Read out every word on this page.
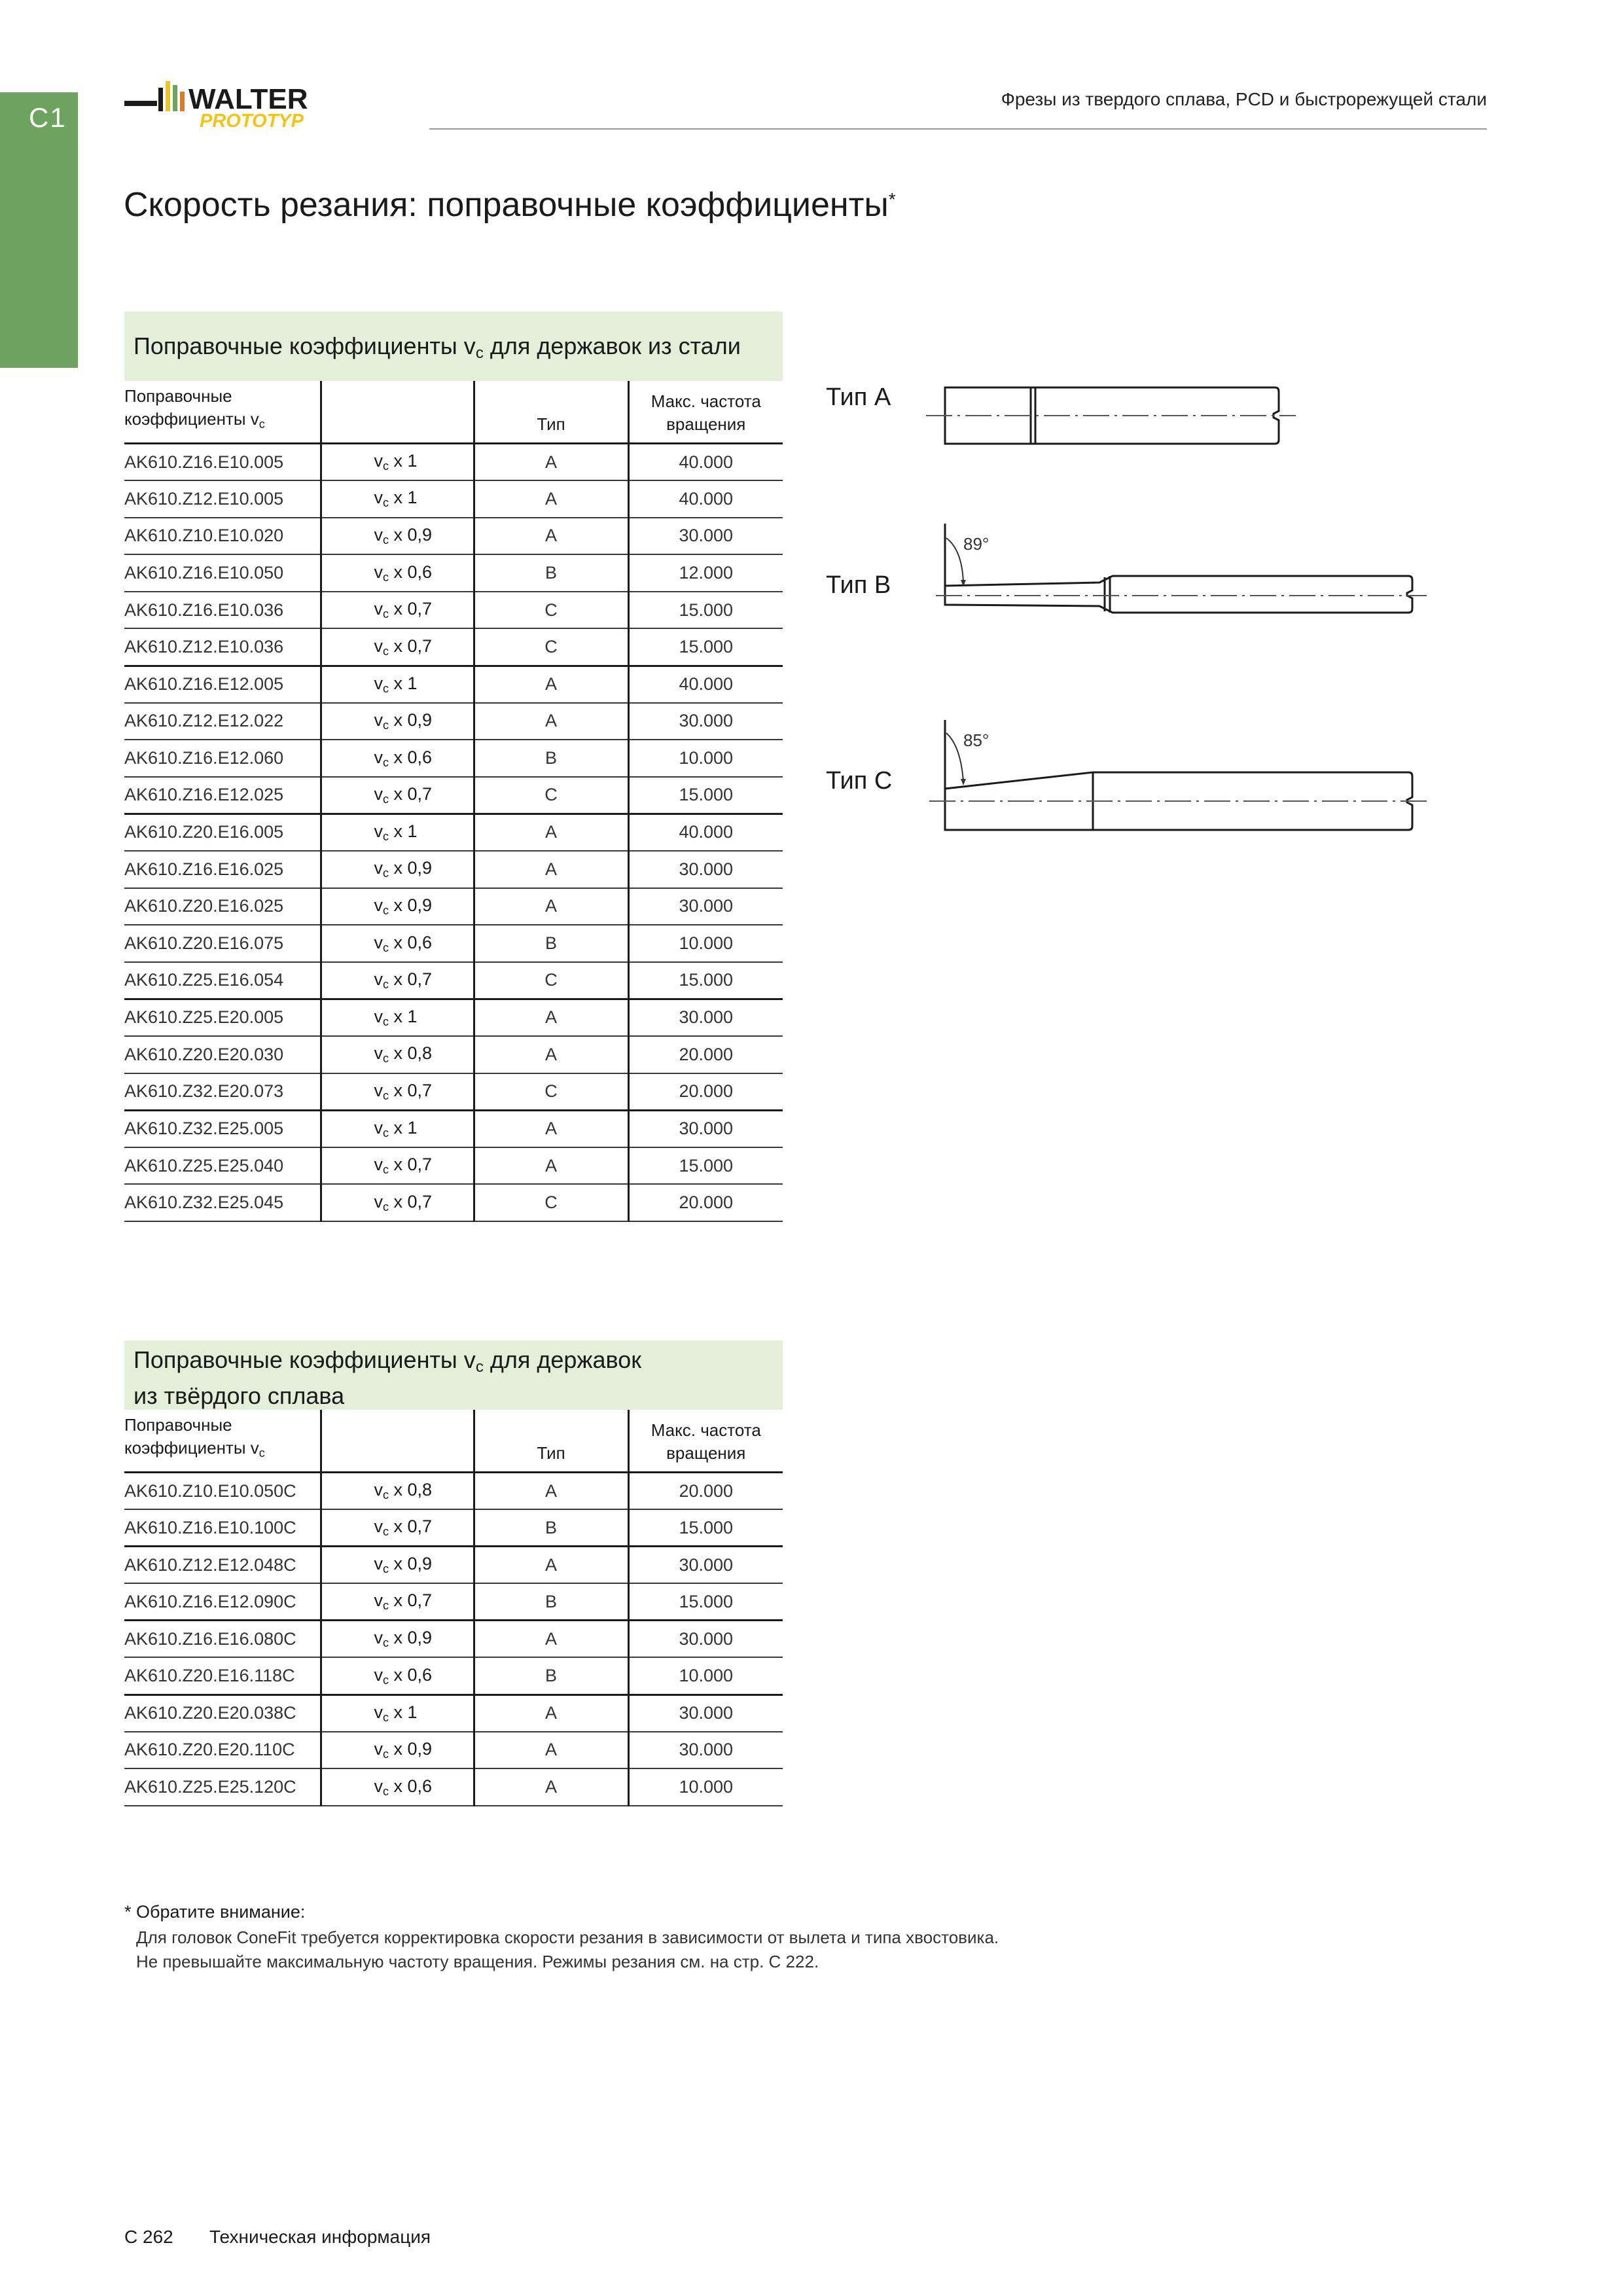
C1
WALTER
PROTOTYP
Фрезы из твердого сплава, PCD и быстрорежущей стали
Скорость резания: поправочные коэффициенты*
Поправочные коэффициенты $v_c$ для державок из стали
Поправочные
коэффициенты $v_c$		Тип	Макс. частота
вращения
AK610.Z16.E10.005	$v_c$ x 1	A	40.000
AK610.Z12.E10.005	$v_c$ x 1	A	40.000
AK610.Z10.E10.020	$v_c$ x 0,9	A	30.000
AK610.Z16.E10.050	$v_c$ x 0,6	B	12.000
AK610.Z16.E10.036	$v_c$ x 0,7	C	15.000
AK610.Z12.E10.036	$v_c$ x 0,7	C	15.000
AK610.Z16.E12.005	$v_c$ x 1	A	40.000
AK610.Z12.E12.022	$v_c$ x 0,9	A	30.000
AK610.Z16.E12.060	$v_c$ x 0,6	B	10.000
AK610.Z16.E12.025	$v_c$ x 0,7	C	15.000
AK610.Z20.E16.005	$v_c$ x 1	A	40.000
AK610.Z16.E16.025	$v_c$ x 0,9	A	30.000
AK610.Z20.E16.025	$v_c$ x 0,9	A	30.000
AK610.Z20.E16.075	$v_c$ x 0,6	B	10.000
AK610.Z25.E16.054	$v_c$ x 0,7	C	15.000
AK610.Z25.E20.005	$v_c$ x 1	A	30.000
AK610.Z20.E20.030	$v_c$ x 0,8	A	20.000
AK610.Z32.E20.073	$v_c$ x 0,7	C	20.000
AK610.Z32.E25.005	$v_c$ x 1	A	30.000
AK610.Z25.E25.040	$v_c$ x 0,7	A	15.000
AK610.Z32.E25.045	$v_c$ x 0,7	C	20.000
Поправочные коэффициенты $v_c$ для державок
из твёрдого сплава
Поправочные
коэффициенты $v_c$		Тип	Макс. частота
вращения
AK610.Z10.E10.050C	$v_c$ x 0,8	A	20.000
AK610.Z16.E10.100C	$v_c$ x 0,7	B	15.000
AK610.Z12.E12.048C	$v_c$ x 0,9	A	30.000
AK610.Z16.E12.090C	$v_c$ x 0,7	B	15.000
AK610.Z16.E16.080C	$v_c$ x 0,9	A	30.000
AK610.Z20.E16.118C	$v_c$ x 0,6	B	10.000
AK610.Z20.E20.038C	$v_c$ x 1	A	30.000
AK610.Z20.E20.110C	$v_c$ x 0,9	A	30.000
AK610.Z25.E25.120C	$v_c$ x 0,6	A	10.000
Тип A
Тип B
89°
Тип C
85°
* Обратите внимание:
Для головок ConeFit требуется корректировка скорости резания в зависимости от вылета и типа хвостовика.
Не превышайте максимальную частоту вращения. Режимы резания см. на стр. C 222.
C 262 Техническая информация
